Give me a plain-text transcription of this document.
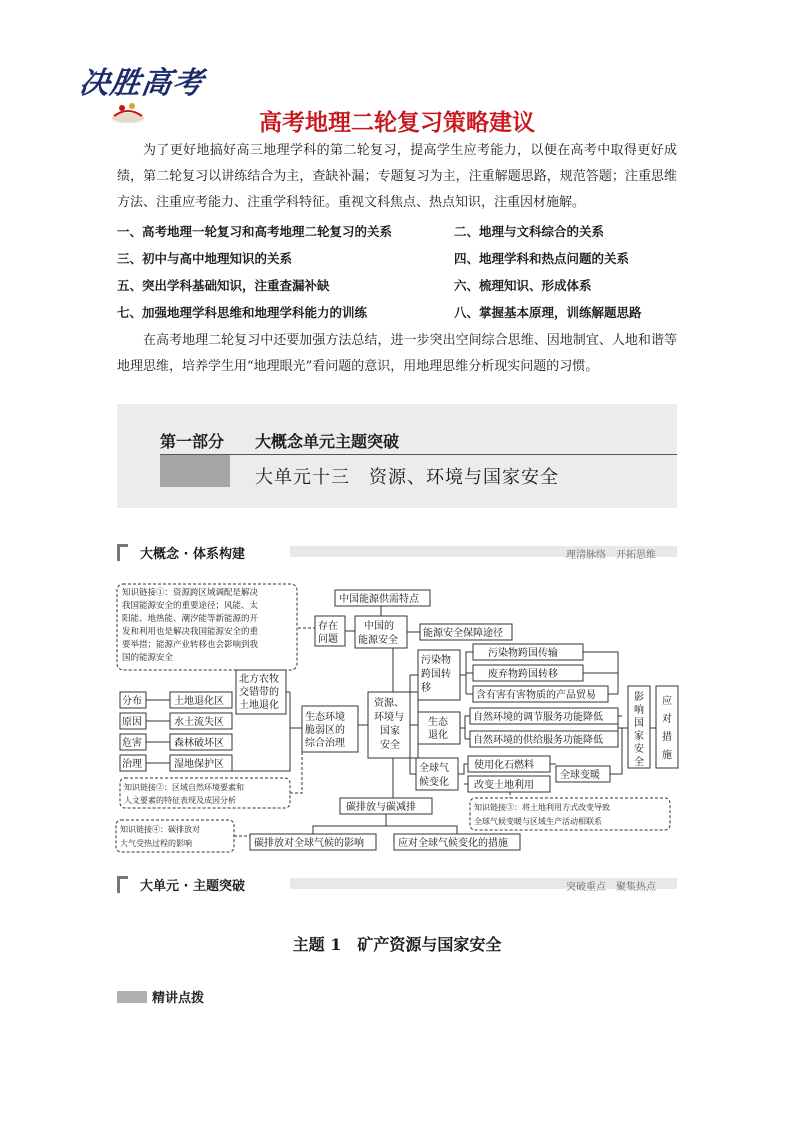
决胜高考
高考地理二轮复习策略建议
为了更好地搞好高三地理学科的第二轮复习，提高学生应考能力，以便在高考中取得更好成绩，第二轮复习以讲练结合为主，查缺补漏；专题复习为主，注重解题思路，规范答题；注重思维方法、注重应考能力、注重学科特征。重视文科焦点、热点知识，注重因材施解。
一、高考地理一轮复习和高考地理二轮复习的关系	二、地理与文科综合的关系
三、初中与高中地理知识的关系	四、地理学科和热点问题的关系
五、突出学科基础知识，注重查漏补缺	六、梳理知识、形成体系
七、加强地理学科思维和地理学科能力的训练	八、掌握基本原理，训练解题思路
在高考地理二轮复习中还要加强方法总结，进一步突出空间综合思维、因地制宜、人地和谐等地理思维，培养学生用“地理眼光”看问题的意识，用地理思维分析现实问题的习惯。
第一部分 大概念单元主题突破
大单元十三　资源、环境与国家安全
大概念 · 体系构建	理清脉络　开拓思维
知识链接①：资源跨区域调配是解决
我国能源安全的重要途径；风能、太
阳能、地热能、潮汐能等新能源的开
发和利用也是解决我国能源安全的重
要举措；能源产业转移也会影响到我
国的能源安全
中国能源供需特点
存在
问题
中国的
能源安全
能源安全保障途径
污染物
跨国转
移
污染物跨国传输
废弃物跨国转移
含有害有害物质的产品贸易
北方农牧
交错带的
土地退化
分布
原因
危害
治理
土地退化区
水土流失区
森林破坏区
湿地保护区
生态环境
脆弱区的
综合治理
资源、
环境与
国家
安全
生态
退化
自然环境的调节服务功能降低
自然环境的供给服务功能降低
影
响
国
家
安
全
应
对
措
施
全球气
候变化
使用化石燃料
改变土地利用
全球变暖
碳排放与碳减排
碳排放对全球气候的影响	应对全球气候变化的措施
知识链接②：区域自然环境要素和
人文要素的特征表现及成因分析
知识链接③：将土地利用方式改变导致
全球气候变暖与区域生产活动相联系
知识链接④：碳排放对
大气受热过程的影响
大单元 · 主题突破	突破重点　聚集热点
主题 1　矿产资源与国家安全
精讲点拨
